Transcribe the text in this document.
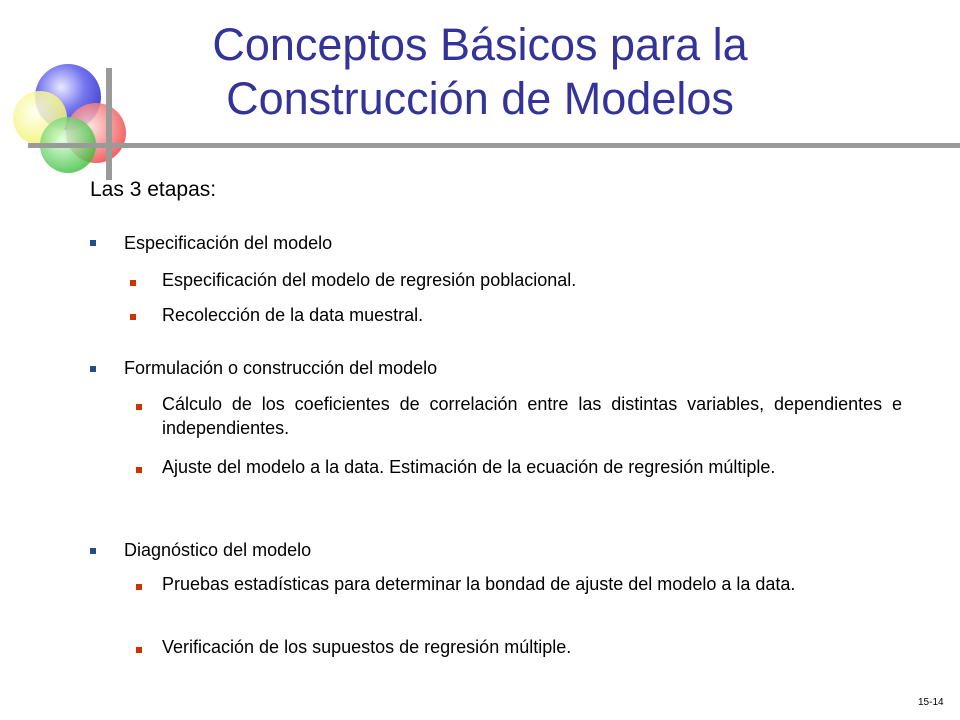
Conceptos Básicos para la
Construcción de Modelos
Las 3 etapas:
Especificación del modelo
Especificación del modelo de regresión poblacional.
Recolección de la data muestral.
Formulación o construcción del modelo
Cálculo de los coeficientes de correlación entre las distintas variables, dependientes e independientes.
Ajuste del modelo a la data. Estimación de la ecuación de regresión múltiple.
Diagnóstico del modelo
Pruebas estadísticas para determinar la bondad de ajuste del modelo a la data.
Verificación de los supuestos de regresión múltiple.
15-14
